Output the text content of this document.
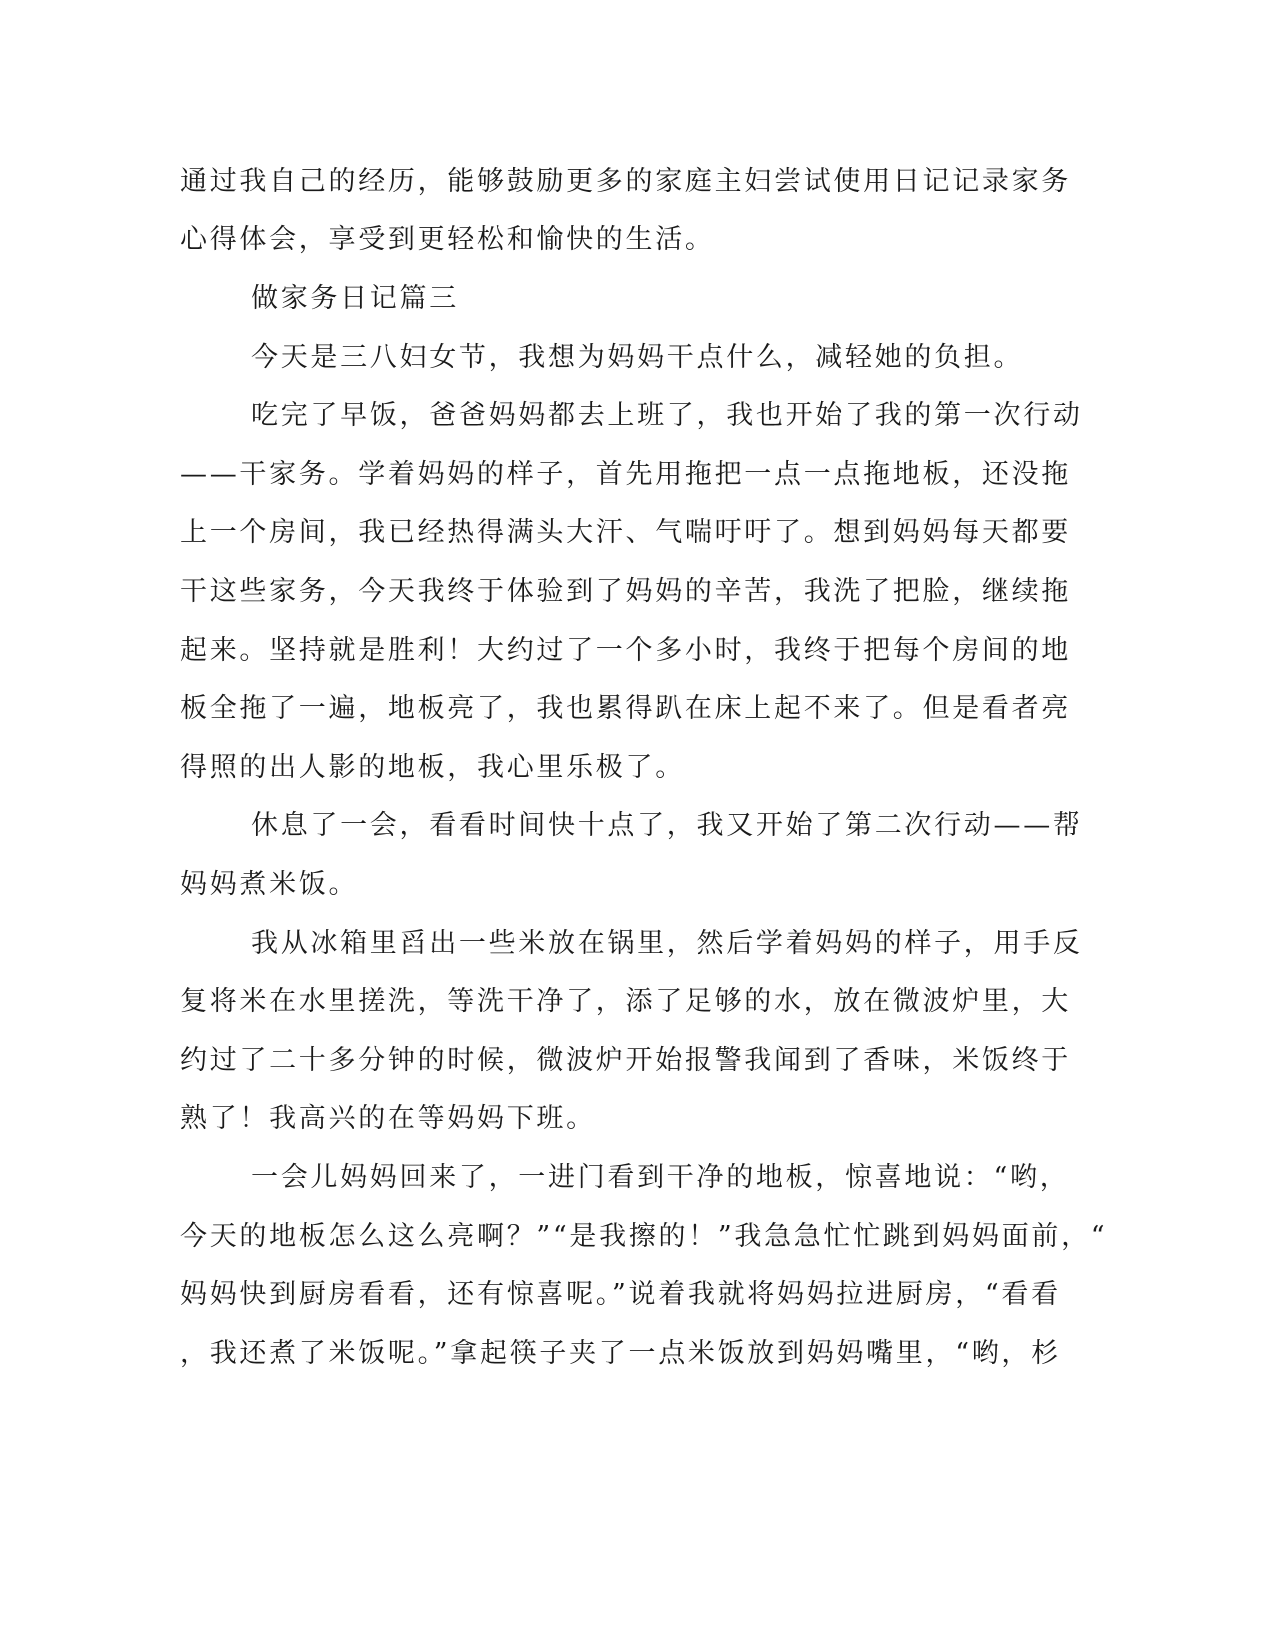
通过我自己的经历，能够鼓励更多的家庭主妇尝试使用日记记录家务

心得体会，享受到更轻松和愉快的生活。

做家务日记篇三

今天是三八妇女节，我想为妈妈干点什么，减轻她的负担。

吃完了早饭，爸爸妈妈都去上班了，我也开始了我的第一次行动

——干家务。学着妈妈的样子，首先用拖把一点一点拖地板，还没拖

上一个房间，我已经热得满头大汗、气喘吁吁了。想到妈妈每天都要

干这些家务，今天我终于体验到了妈妈的辛苦，我洗了把脸，继续拖

起来。坚持就是胜利！大约过了一个多小时，我终于把每个房间的地

板全拖了一遍，地板亮了，我也累得趴在床上起不来了。但是看者亮

得照的出人影的地板，我心里乐极了。

休息了一会，看看时间快十点了，我又开始了第二次行动——帮

妈妈煮米饭。

我从冰箱里舀出一些米放在锅里，然后学着妈妈的样子，用手反

复将米在水里搓洗，等洗干净了，添了足够的水，放在微波炉里，大

约过了二十多分钟的时候，微波炉开始报警我闻到了香味，米饭终于

熟了！我高兴的在等妈妈下班。

一会儿妈妈回来了，一进门看到干净的地板，惊喜地说：“哟，

今天的地板怎么这么亮啊？”“是我擦的！”我急急忙忙跳到妈妈面前，“

妈妈快到厨房看看，还有惊喜呢。”说着我就将妈妈拉进厨房，“看看

，我还煮了米饭呢。”拿起筷子夹了一点米饭放到妈妈嘴里，“哟，杉
